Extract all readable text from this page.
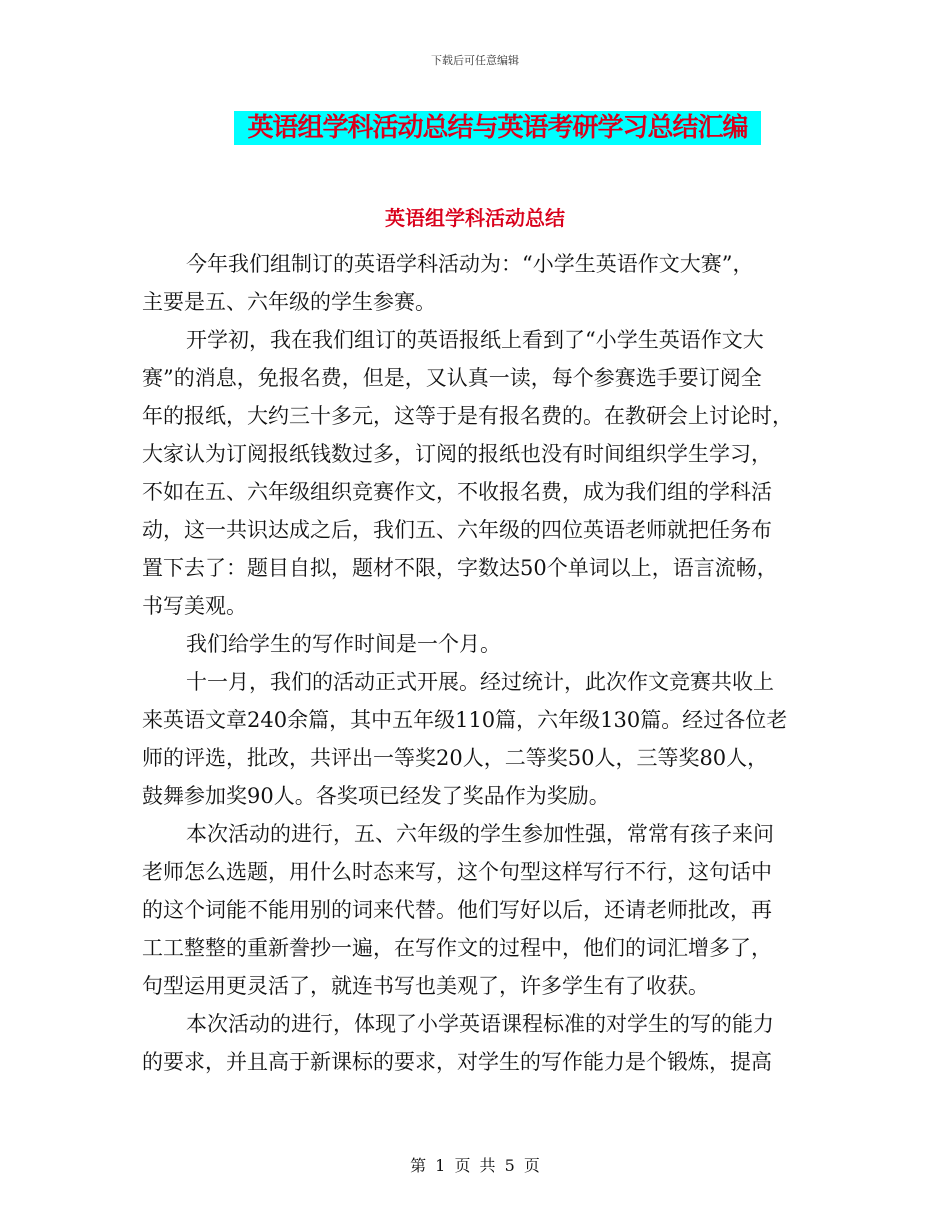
下载后可任意编辑
英语组学科活动总结与英语考研学习总结汇编
英语组学科活动总结
今年我们组制订的英语学科活动为：“小学生英语作文大赛”，
主要是五、六年级的学生参赛。
开学初，我在我们组订的英语报纸上看到了“小学生英语作文大
赛”的消息，免报名费，但是，又认真一读，每个参赛选手要订阅全
年的报纸，大约三十多元，这等于是有报名费的。在教研会上讨论时，
大家认为订阅报纸钱数过多，订阅的报纸也没有时间组织学生学习，
不如在五、六年级组织竞赛作文，不收报名费，成为我们组的学科活
动，这一共识达成之后，我们五、六年级的四位英语老师就把任务布
置下去了：题目自拟，题材不限，字数达50个单词以上，语言流畅，
书写美观。
我们给学生的写作时间是一个月。
十一月，我们的活动正式开展。经过统计，此次作文竞赛共收上
来英语文章240余篇，其中五年级110篇，六年级130篇。经过各位老
师的评选，批改，共评出一等奖20人，二等奖50人，三等奖80人，
鼓舞参加奖90人。各奖项已经发了奖品作为奖励。
本次活动的进行，五、六年级的学生参加性强，常常有孩子来问
老师怎么选题，用什么时态来写，这个句型这样写行不行，这句话中
的这个词能不能用别的词来代替。他们写好以后，还请老师批改，再
工工整整的重新誊抄一遍，在写作文的过程中，他们的词汇增多了，
句型运用更灵活了，就连书写也美观了，许多学生有了收获。
本次活动的进行，体现了小学英语课程标准的对学生的写的能力
的要求，并且高于新课标的要求，对学生的写作能力是个锻炼，提高
第 1 页 共 5 页
